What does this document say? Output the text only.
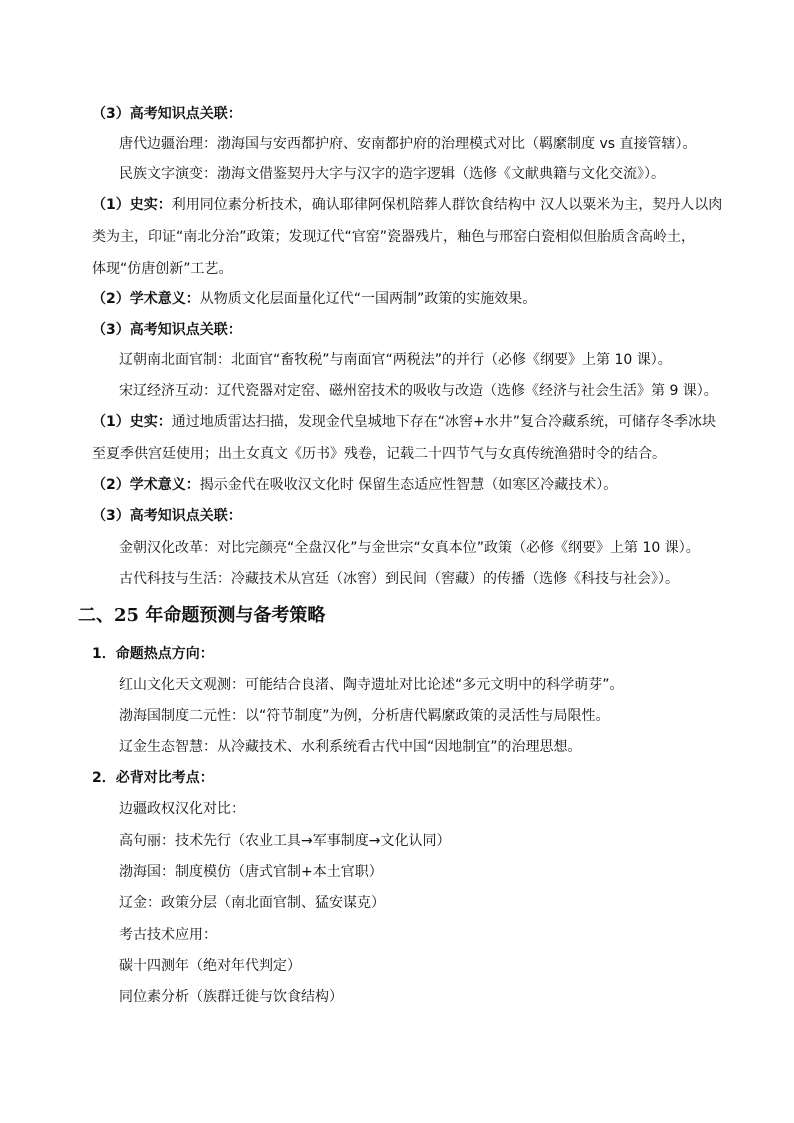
（3）高考知识点关联：
唐代边疆治理：渤海国与安西都护府、安南都护府的治理模式对比（羁縻制度 vs 直接管辖）。
民族文字演变：渤海文借鉴契丹大字与汉字的造字逻辑（选修《文献典籍与文化交流》）。
（1）史实：利用同位素分析技术，确认耶律阿保机陪葬人群饮食结构中 汉人以粟米为主，契丹人以肉
类为主，印证“南北分治”政策；发现辽代“官窑”瓷器残片，釉色与邢窑白瓷相似但胎质含高岭土，
体现“仿唐创新”工艺。
（2）学术意义：从物质文化层面量化辽代“一国两制”政策的实施效果。
（3）高考知识点关联：
辽朝南北面官制：北面官“畜牧税”与南面官“两税法”的并行（必修《纲要》上第 10 课）。
宋辽经济互动：辽代瓷器对定窑、磁州窑技术的吸收与改造（选修《经济与社会生活》第 9 课）。
（1）史实：通过地质雷达扫描，发现金代皇城地下存在“冰窖+水井”复合冷藏系统，可储存冬季冰块
至夏季供宫廷使用；出土女真文《历书》残卷，记载二十四节气与女真传统渔猎时令的结合。
（2）学术意义：揭示金代在吸收汉文化时 保留生态适应性智慧（如寒区冷藏技术）。
（3）高考知识点关联：
金朝汉化改革：对比完颜亮“全盘汉化”与金世宗“女真本位”政策（必修《纲要》上第 10 课）。
古代科技与生活：冷藏技术从宫廷（冰窖）到民间（窖藏）的传播（选修《科技与社会》）。
二、25 年命题预测与备考策略
1．命题热点方向：
红山文化天文观测：可能结合良渚、陶寺遗址对比论述“多元文明中的科学萌芽”。
渤海国制度二元性：以“符节制度”为例，分析唐代羁縻政策的灵活性与局限性。
辽金生态智慧：从冷藏技术、水利系统看古代中国“因地制宜”的治理思想。
2．必背对比考点：
边疆政权汉化对比：
高句丽：技术先行（农业工具→军事制度→文化认同）
渤海国：制度模仿（唐式官制+本土官职）
辽金：政策分层（南北面官制、猛安谋克）
考古技术应用：
碳十四测年（绝对年代判定）
同位素分析（族群迁徙与饮食结构）
